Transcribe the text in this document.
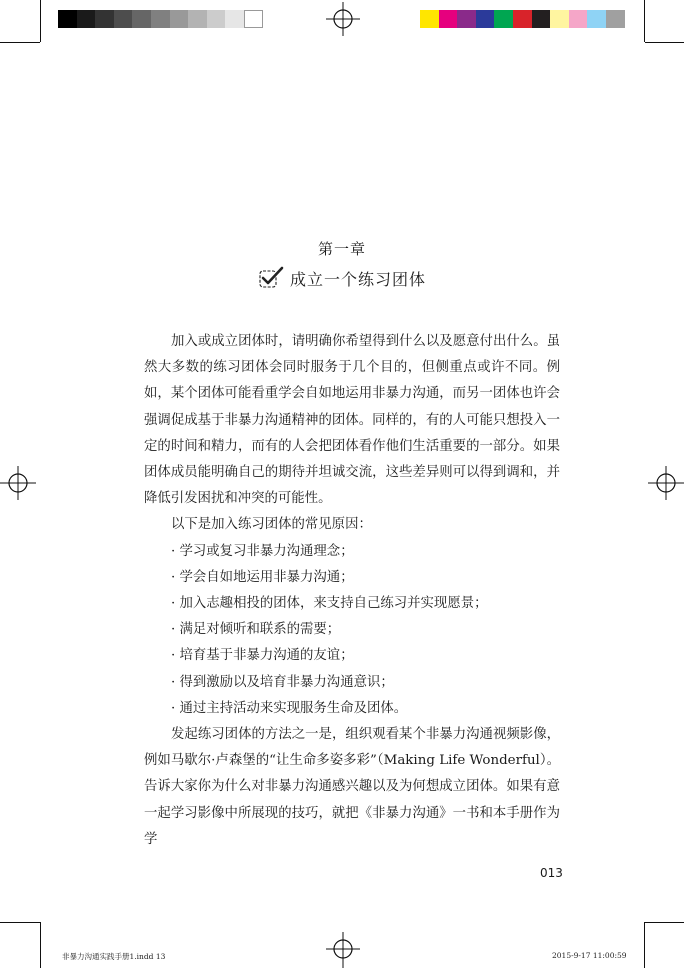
第一章
成立一个练习团体

加入或成立团体时，请明确你希望得到什么以及愿意付出什么。虽然大多数的练习团体会同时服务于几个目的，但侧重点或许不同。例如，某个团体可能看重学会自如地运用非暴力沟通，而另一团体也许会强调促成基于非暴力沟通精神的团体。同样的，有的人可能只想投入一定的时间和精力，而有的人会把团体看作他们生活重要的一部分。如果团体成员能明确自己的期待并坦诚交流，这些差异则可以得到调和，并降低引发困扰和冲突的可能性。

以下是加入练习团体的常见原因：

· 学习或复习非暴力沟通理念；

· 学会自如地运用非暴力沟通；

· 加入志趣相投的团体，来支持自己练习并实现愿景；

· 满足对倾听和联系的需要；

· 培育基于非暴力沟通的友谊；

· 得到激励以及培育非暴力沟通意识；

· 通过主持活动来实现服务生命及团体。

发起练习团体的方法之一是，组织观看某个非暴力沟通视频影像，例如马歇尔·卢森堡的“让生命多姿多彩”（Making Life Wonderful）。告诉大家你为什么对非暴力沟通感兴趣以及为何想成立团体。如果有意一起学习影像中所展现的技巧，就把《非暴力沟通》一书和本手册作为学

013
非暴力沟通实践手册1.indd 13	2015-9-17 11:00:59
